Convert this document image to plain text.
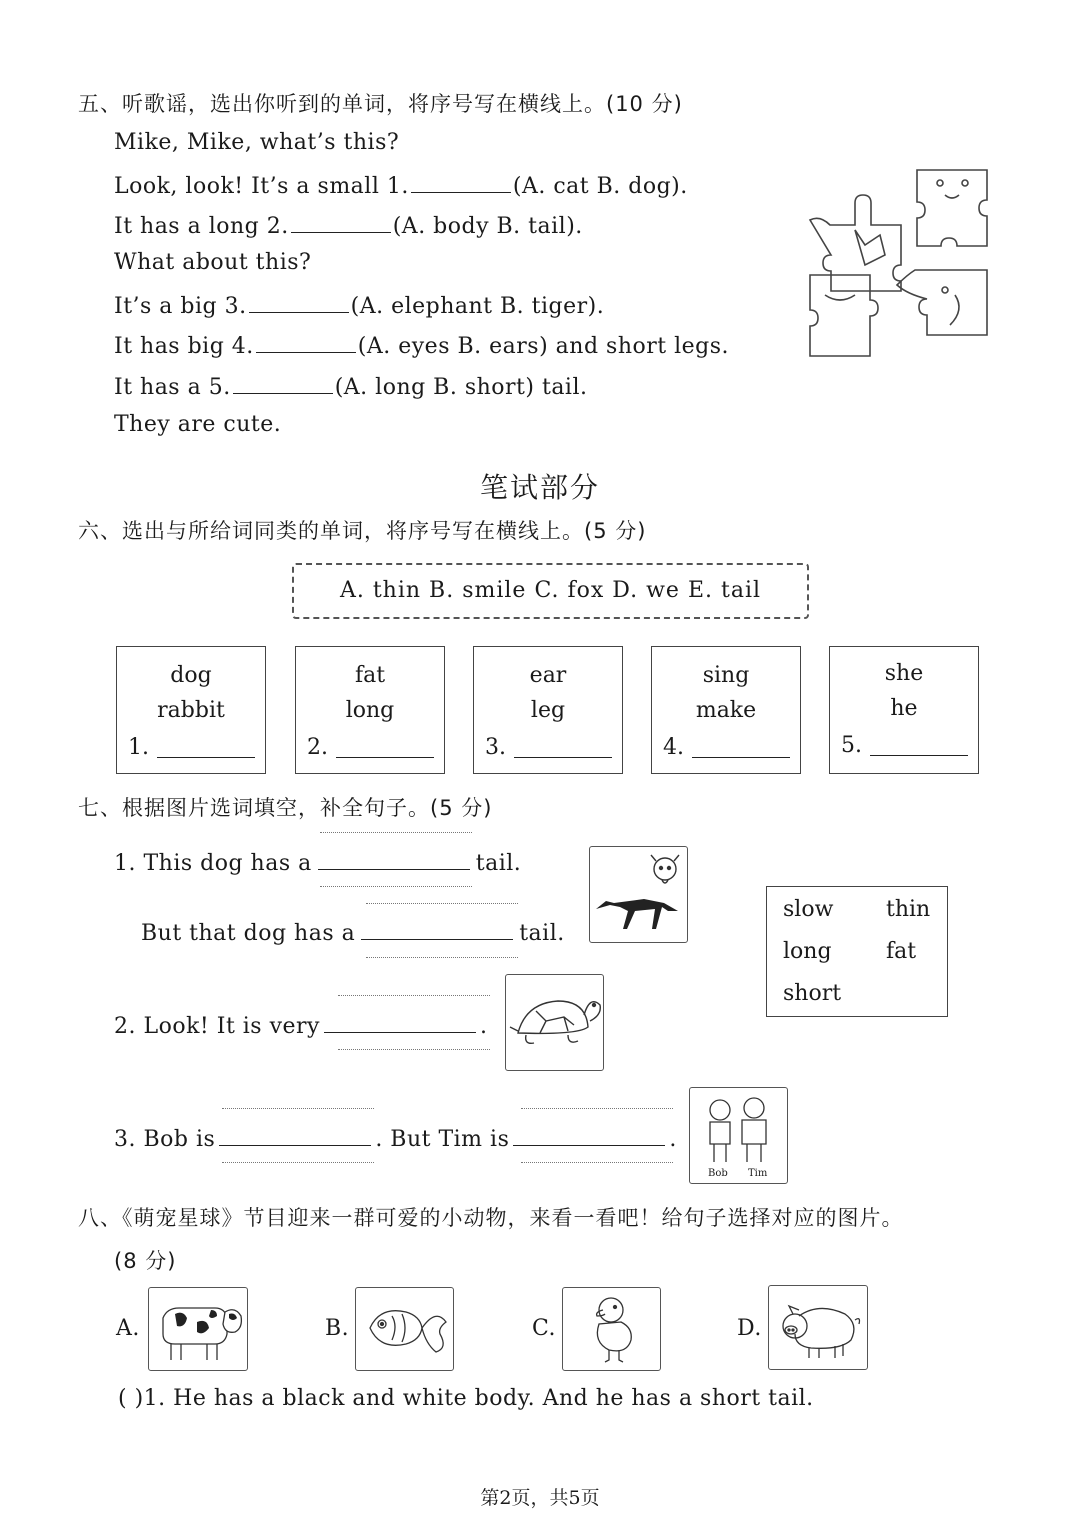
五、听歌谣，选出你听到的单词，将序号写在横线上。(10 分)
Mike, Mike, what’s this?
Look, look! It’s a small 1.	(A. cat B. dog).
It has a long 2.	(A. body B. tail).
What about this?
It’s a big 3.	(A. elephant B. tiger).
It has big 4.	(A. eyes B. ears) and short legs.
It has a 5.	(A. long B. short) tail.
They are cute.
笔试部分
六、选出与所给词同类的单词，将序号写在横线上。(5 分)
A. thin B. smile C. fox D. we E. tail
dog
rabbit
1.
fat
long
2.
ear
leg
3.
sing
make
4.
she
he
5.
七、根据图片选词填空，补全句子。(5 分)
1. This dog has a	tail.
But that dog has a	tail.
slow thin
long fat
short
2. Look! It is very	.
3. Bob is	. But Tim is	.
Bob Tim
八、《萌宠星球》节目迎来一群可爱的小动物，来看一看吧！给句子选择对应的图片。
(8 分)
A.	B.	C.	D.
( )1. He has a black and white body. And he has a short tail.
第2页，共5页
